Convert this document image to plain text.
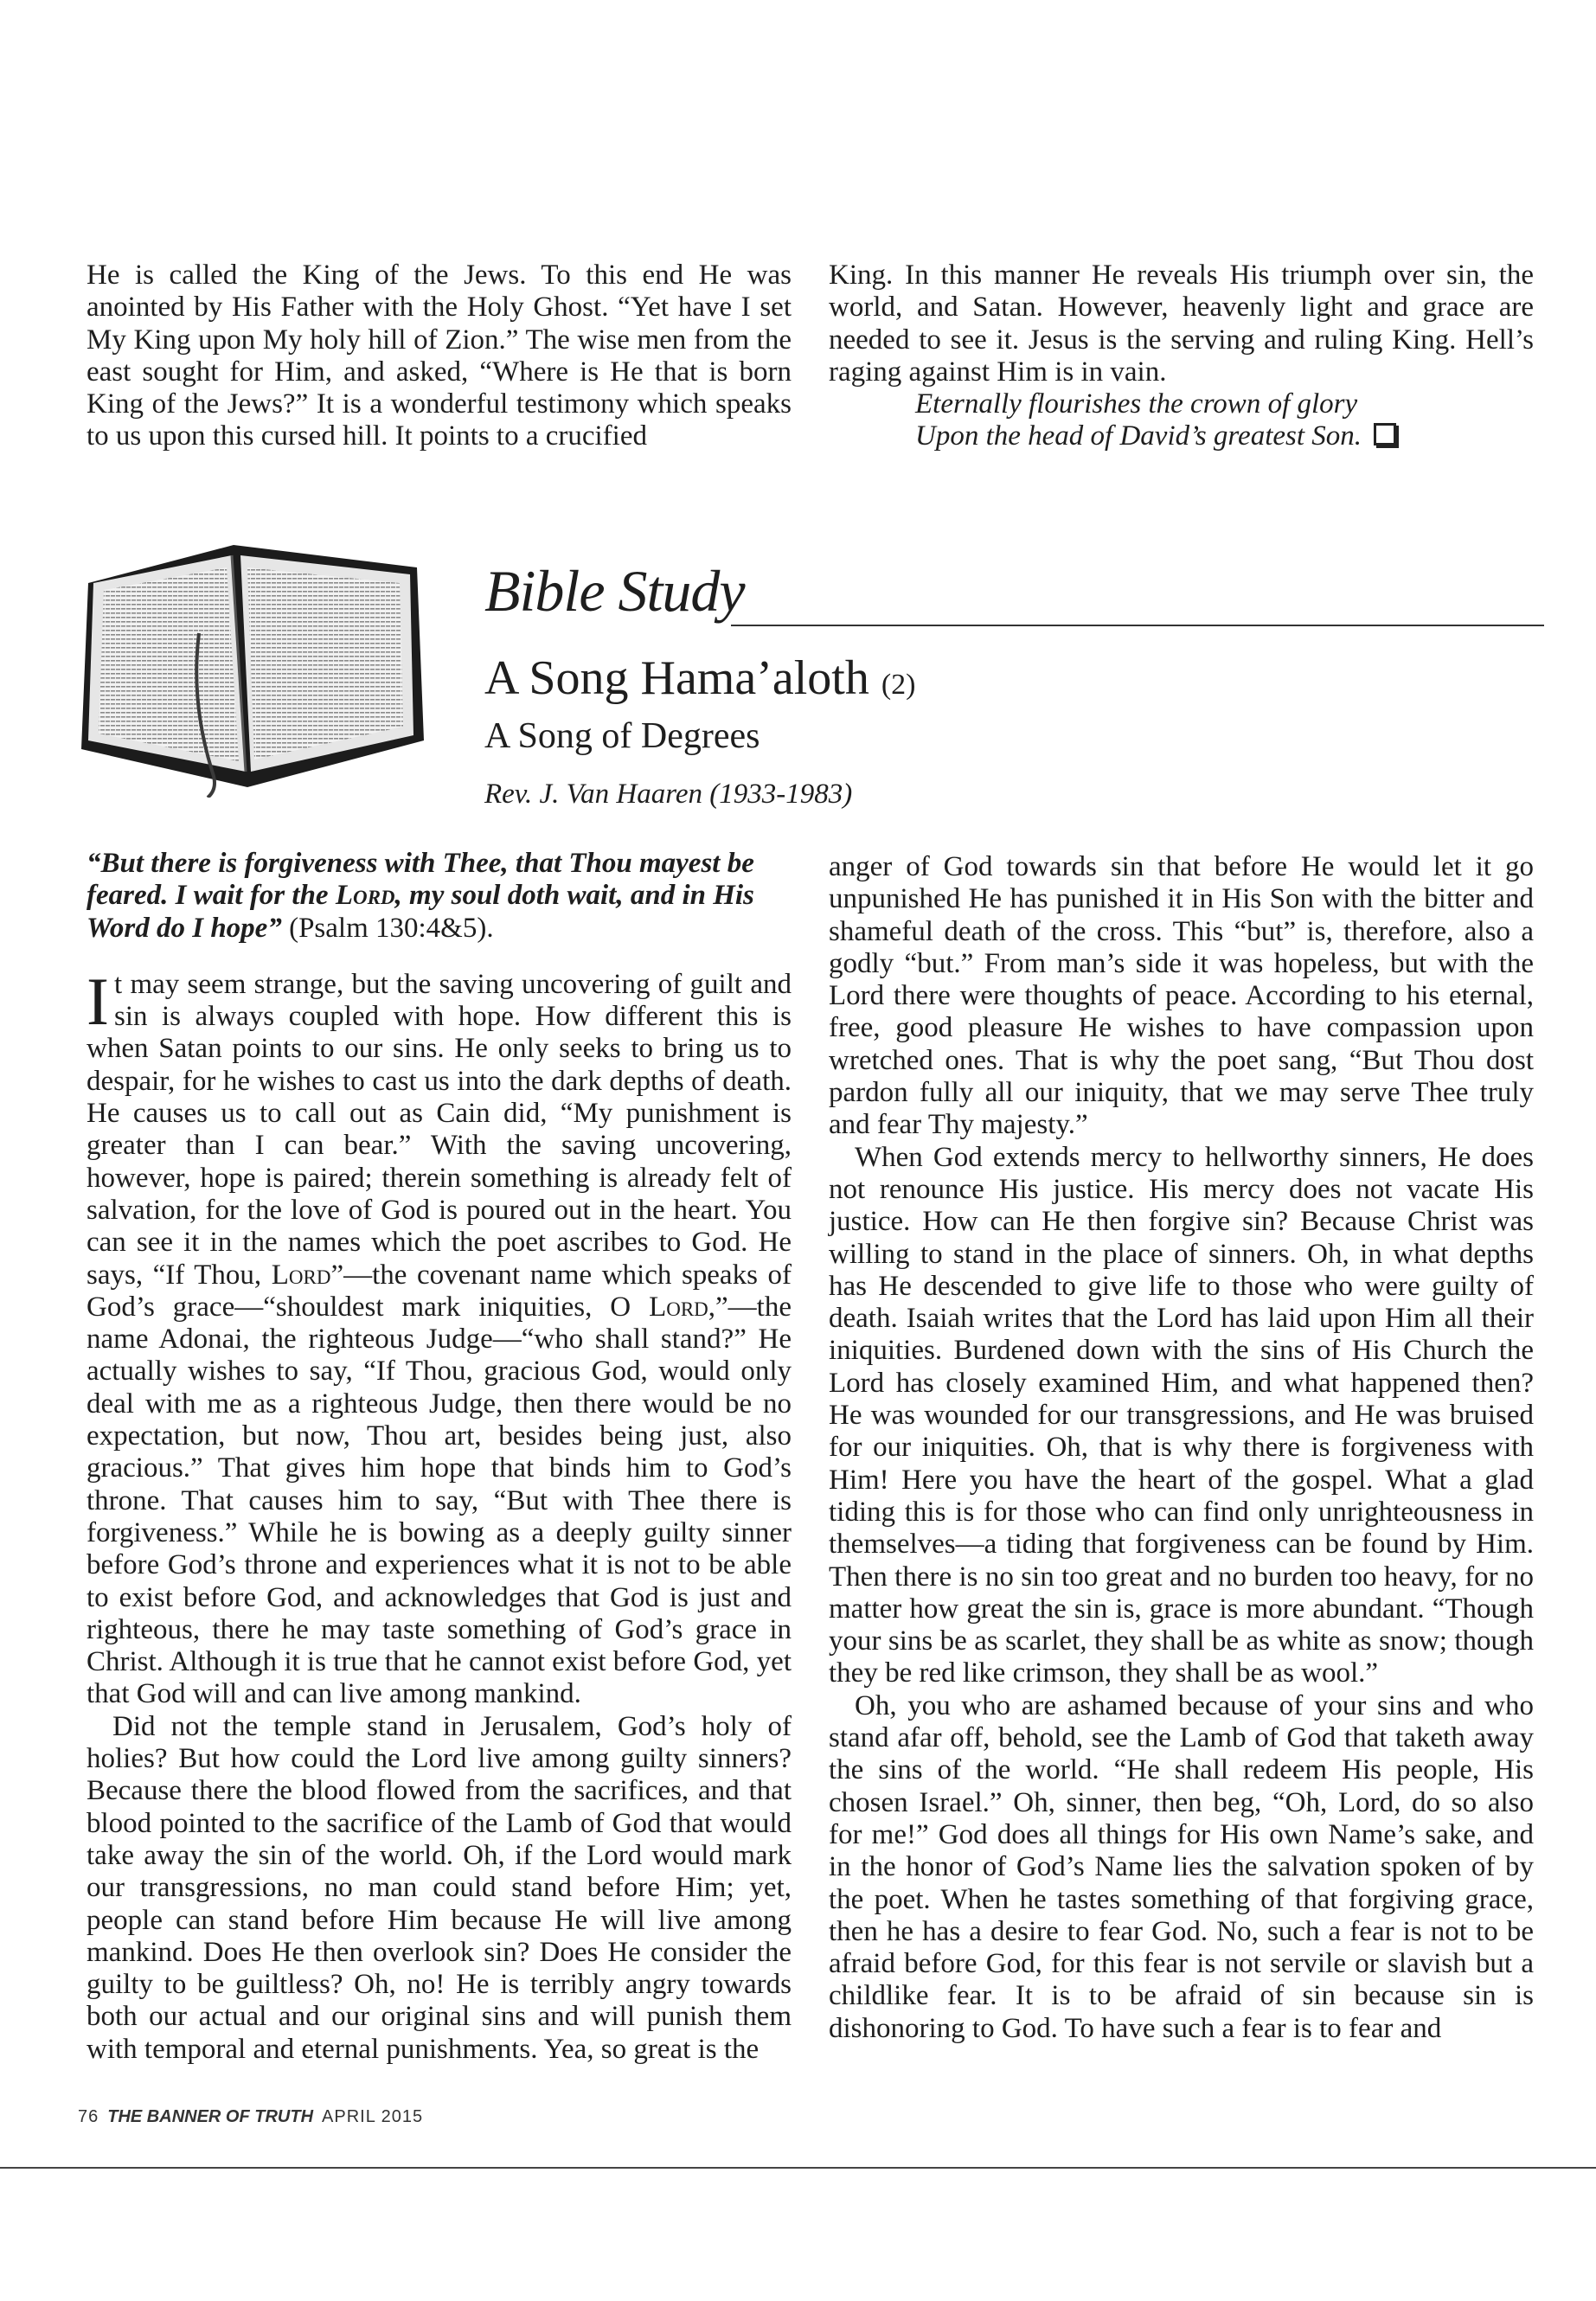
He is called the King of the Jews. To this end He was anointed by His Father with the Holy Ghost. “Yet have I set My King upon My holy hill of Zion.” The wise men from the east sought for Him, and asked, “Where is He that is born King of the Jews?” It is a wonderful testimony which speaks to us upon this cursed hill. It points to a crucified

King. In this manner He reveals His triumph over sin, the world, and Satan. However, heavenly light and grace are needed to see it. Jesus is the serving and ruling King. Hell’s raging against Him is in vain.

Eternally flourishes the crown of glory

Upon the head of David’s greatest Son.

Bible Study
A Song Hama’aloth (2)
A Song of Degrees
Rev. J. Van Haaren (1933-1983)

“But there is forgiveness with Thee, that Thou mayest be feared. I wait for the Lord, my soul doth wait, and in His Word do I hope” (Psalm 130:4&5).

It may seem strange, but the saving uncovering of guilt and sin is always coupled with hope. How different this is when Satan points to our sins. He only seeks to bring us to despair, for he wishes to cast us into the dark depths of death. He causes us to call out as Cain did, “My punishment is greater than I can bear.” With the saving uncovering, however, hope is paired; therein something is already felt of salvation, for the love of God is poured out in the heart. You can see it in the names which the poet ascribes to God. He says, “If Thou, Lord”—the covenant name which speaks of God’s grace—“shouldest mark iniquities, O Lord,”—the name Adonai, the righteous Judge—“who shall stand?” He actually wishes to say, “If Thou, gracious God, would only deal with me as a righteous Judge, then there would be no expectation, but now, Thou art, besides being just, also gracious.” That gives him hope that binds him to God’s throne. That causes him to say, “But with Thee there is forgiveness.” While he is bowing as a deeply guilty sinner before God’s throne and experiences what it is not to be able to exist before God, and acknowledges that God is just and righteous, there he may taste something of God’s grace in Christ. Although it is true that he cannot exist before God, yet that God will and can live among mankind.

Did not the temple stand in Jerusalem, God’s holy of holies? But how could the Lord live among guilty sinners? Because there the blood flowed from the sacrifices, and that blood pointed to the sacrifice of the Lamb of God that would take away the sin of the world. Oh, if the Lord would mark our transgressions, no man could stand before Him; yet, people can stand before Him because He will live among mankind. Does He then overlook sin? Does He consider the guilty to be guiltless? Oh, no! He is terribly angry towards both our actual and our original sins and will punish them with temporal and eternal punishments. Yea, so great is the

anger of God towards sin that before He would let it go unpunished He has punished it in His Son with the bitter and shameful death of the cross. This “but” is, therefore, also a godly “but.” From man’s side it was hopeless, but with the Lord there were thoughts of peace. According to his eternal, free, good pleasure He wishes to have compassion upon wretched ones. That is why the poet sang, “But Thou dost pardon fully all our iniquity, that we may serve Thee truly and fear Thy majesty.”

When God extends mercy to hellworthy sinners, He does not renounce His justice. His mercy does not vacate His justice. How can He then forgive sin? Because Christ was willing to stand in the place of sinners. Oh, in what depths has He descended to give life to those who were guilty of death. Isaiah writes that the Lord has laid upon Him all their iniquities. Burdened down with the sins of His Church the Lord has closely examined Him, and what happened then? He was wounded for our transgressions, and He was bruised for our iniquities. Oh, that is why there is forgiveness with Him! Here you have the heart of the gospel. What a glad tiding this is for those who can find only unrighteousness in themselves—a tiding that forgiveness can be found by Him. Then there is no sin too great and no burden too heavy, for no matter how great the sin is, grace is more abundant. “Though your sins be as scarlet, they shall be as white as snow; though they be red like crimson, they shall be as wool.”

Oh, you who are ashamed because of your sins and who stand afar off, behold, see the Lamb of God that taketh away the sins of the world. “He shall redeem His people, His chosen Israel.” Oh, sinner, then beg, “Oh, Lord, do so also for me!” God does all things for His own Name’s sake, and in the honor of God’s Name lies the salvation spoken of by the poet. When he tastes something of that forgiving grace, then he has a desire to fear God. No, such a fear is not to be afraid before God, for this fear is not servile or slavish but a childlike fear. It is to be afraid of sin because sin is dishonoring to God. To have such a fear is to fear and

76 THE BANNER OF TRUTH APRIL 2015
